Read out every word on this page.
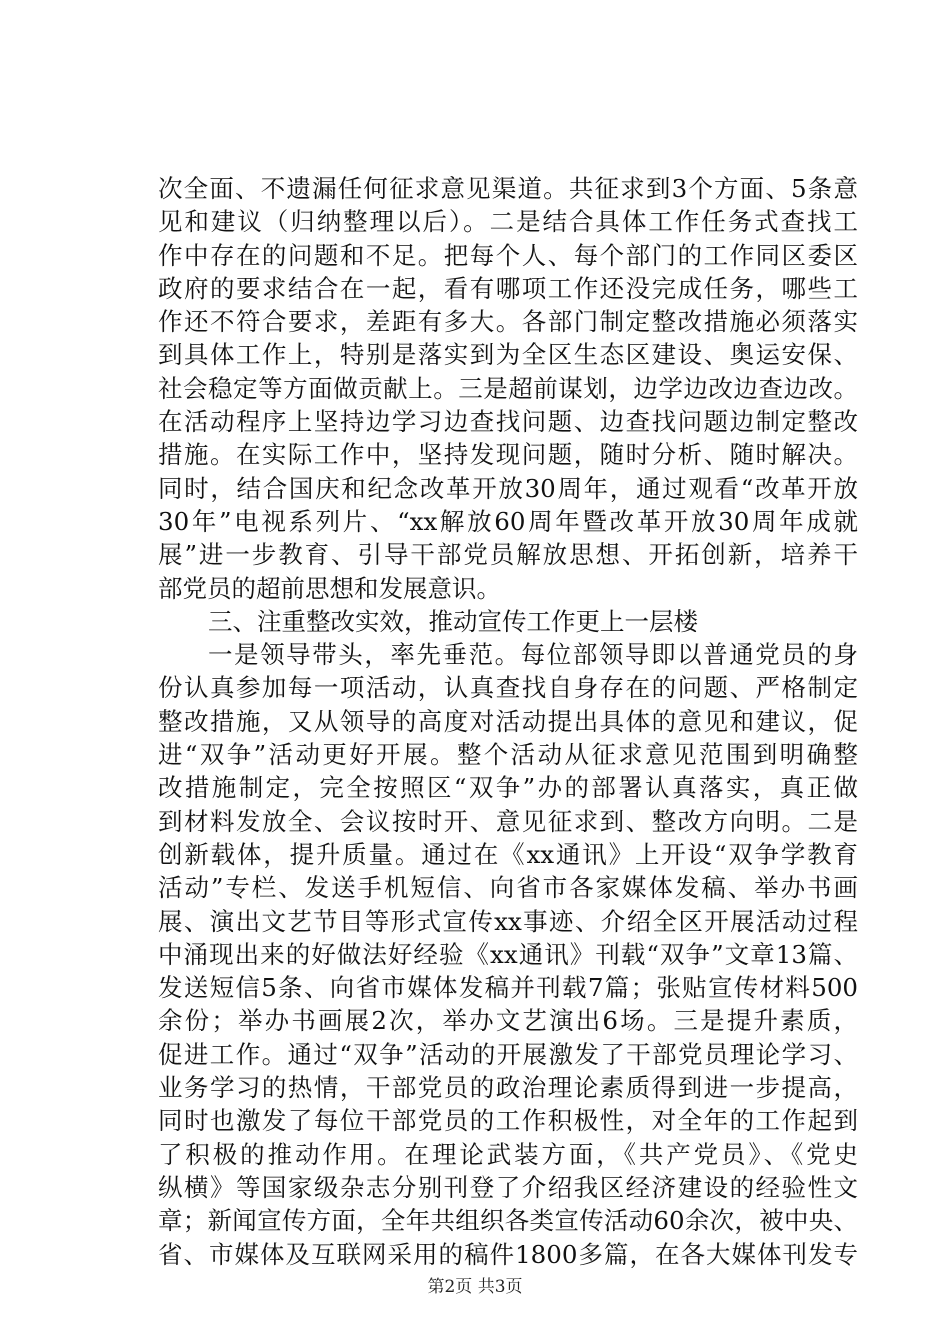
次全面、不遗漏任何征求意见渠道。共征求到3个方面、5条意
见和建议（归纳整理以后）。二是结合具体工作任务式查找工
作中存在的问题和不足。把每个人、每个部门的工作同区委区
政府的要求结合在一起，看有哪项工作还没完成任务，哪些工
作还不符合要求，差距有多大。各部门制定整改措施必须落实
到具体工作上，特别是落实到为全区生态区建设、奥运安保、
社会稳定等方面做贡献上。三是超前谋划，边学边改边查边改。
在活动程序上坚持边学习边查找问题、边查找问题边制定整改
措施。在实际工作中，坚持发现问题，随时分析、随时解决。
同时，结合国庆和纪念改革开放30周年，通过观看“改革开放
30年”电视系列片、“xx解放60周年暨改革开放30周年成就
展”进一步教育、引导干部党员解放思想、开拓创新，培养干
部党员的超前思想和发展意识。
三、注重整改实效，推动宣传工作更上一层楼
一是领导带头，率先垂范。每位部领导即以普通党员的身
份认真参加每一项活动，认真查找自身存在的问题、严格制定
整改措施，又从领导的高度对活动提出具体的意见和建议，促
进“双争”活动更好开展。整个活动从征求意见范围到明确整
改措施制定，完全按照区“双争”办的部署认真落实，真正做
到材料发放全、会议按时开、意见征求到、整改方向明。二是
创新载体，提升质量。通过在《xx通讯》上开设“双争学教育
活动”专栏、发送手机短信、向省市各家媒体发稿、举办书画
展、演出文艺节目等形式宣传xx事迹、介绍全区开展活动过程
中涌现出来的好做法好经验《xx通讯》刊载“双争”文章13篇、
发送短信5条、向省市媒体发稿并刊载7篇；张贴宣传材料500
余份；举办书画展2次，举办文艺演出6场。三是提升素质，
促进工作。通过“双争”活动的开展激发了干部党员理论学习、
业务学习的热情，干部党员的政治理论素质得到进一步提高，
同时也激发了每位干部党员的工作积极性，对全年的工作起到
了积极的推动作用。在理论武装方面，《共产党员》、《党史
纵横》等国家级杂志分别刊登了介绍我区经济建设的经验性文
章；新闻宣传方面，全年共组织各类宣传活动60余次，被中央、
省、市媒体及互联网采用的稿件1800多篇，在各大媒体刊发专
第2页 共3页
